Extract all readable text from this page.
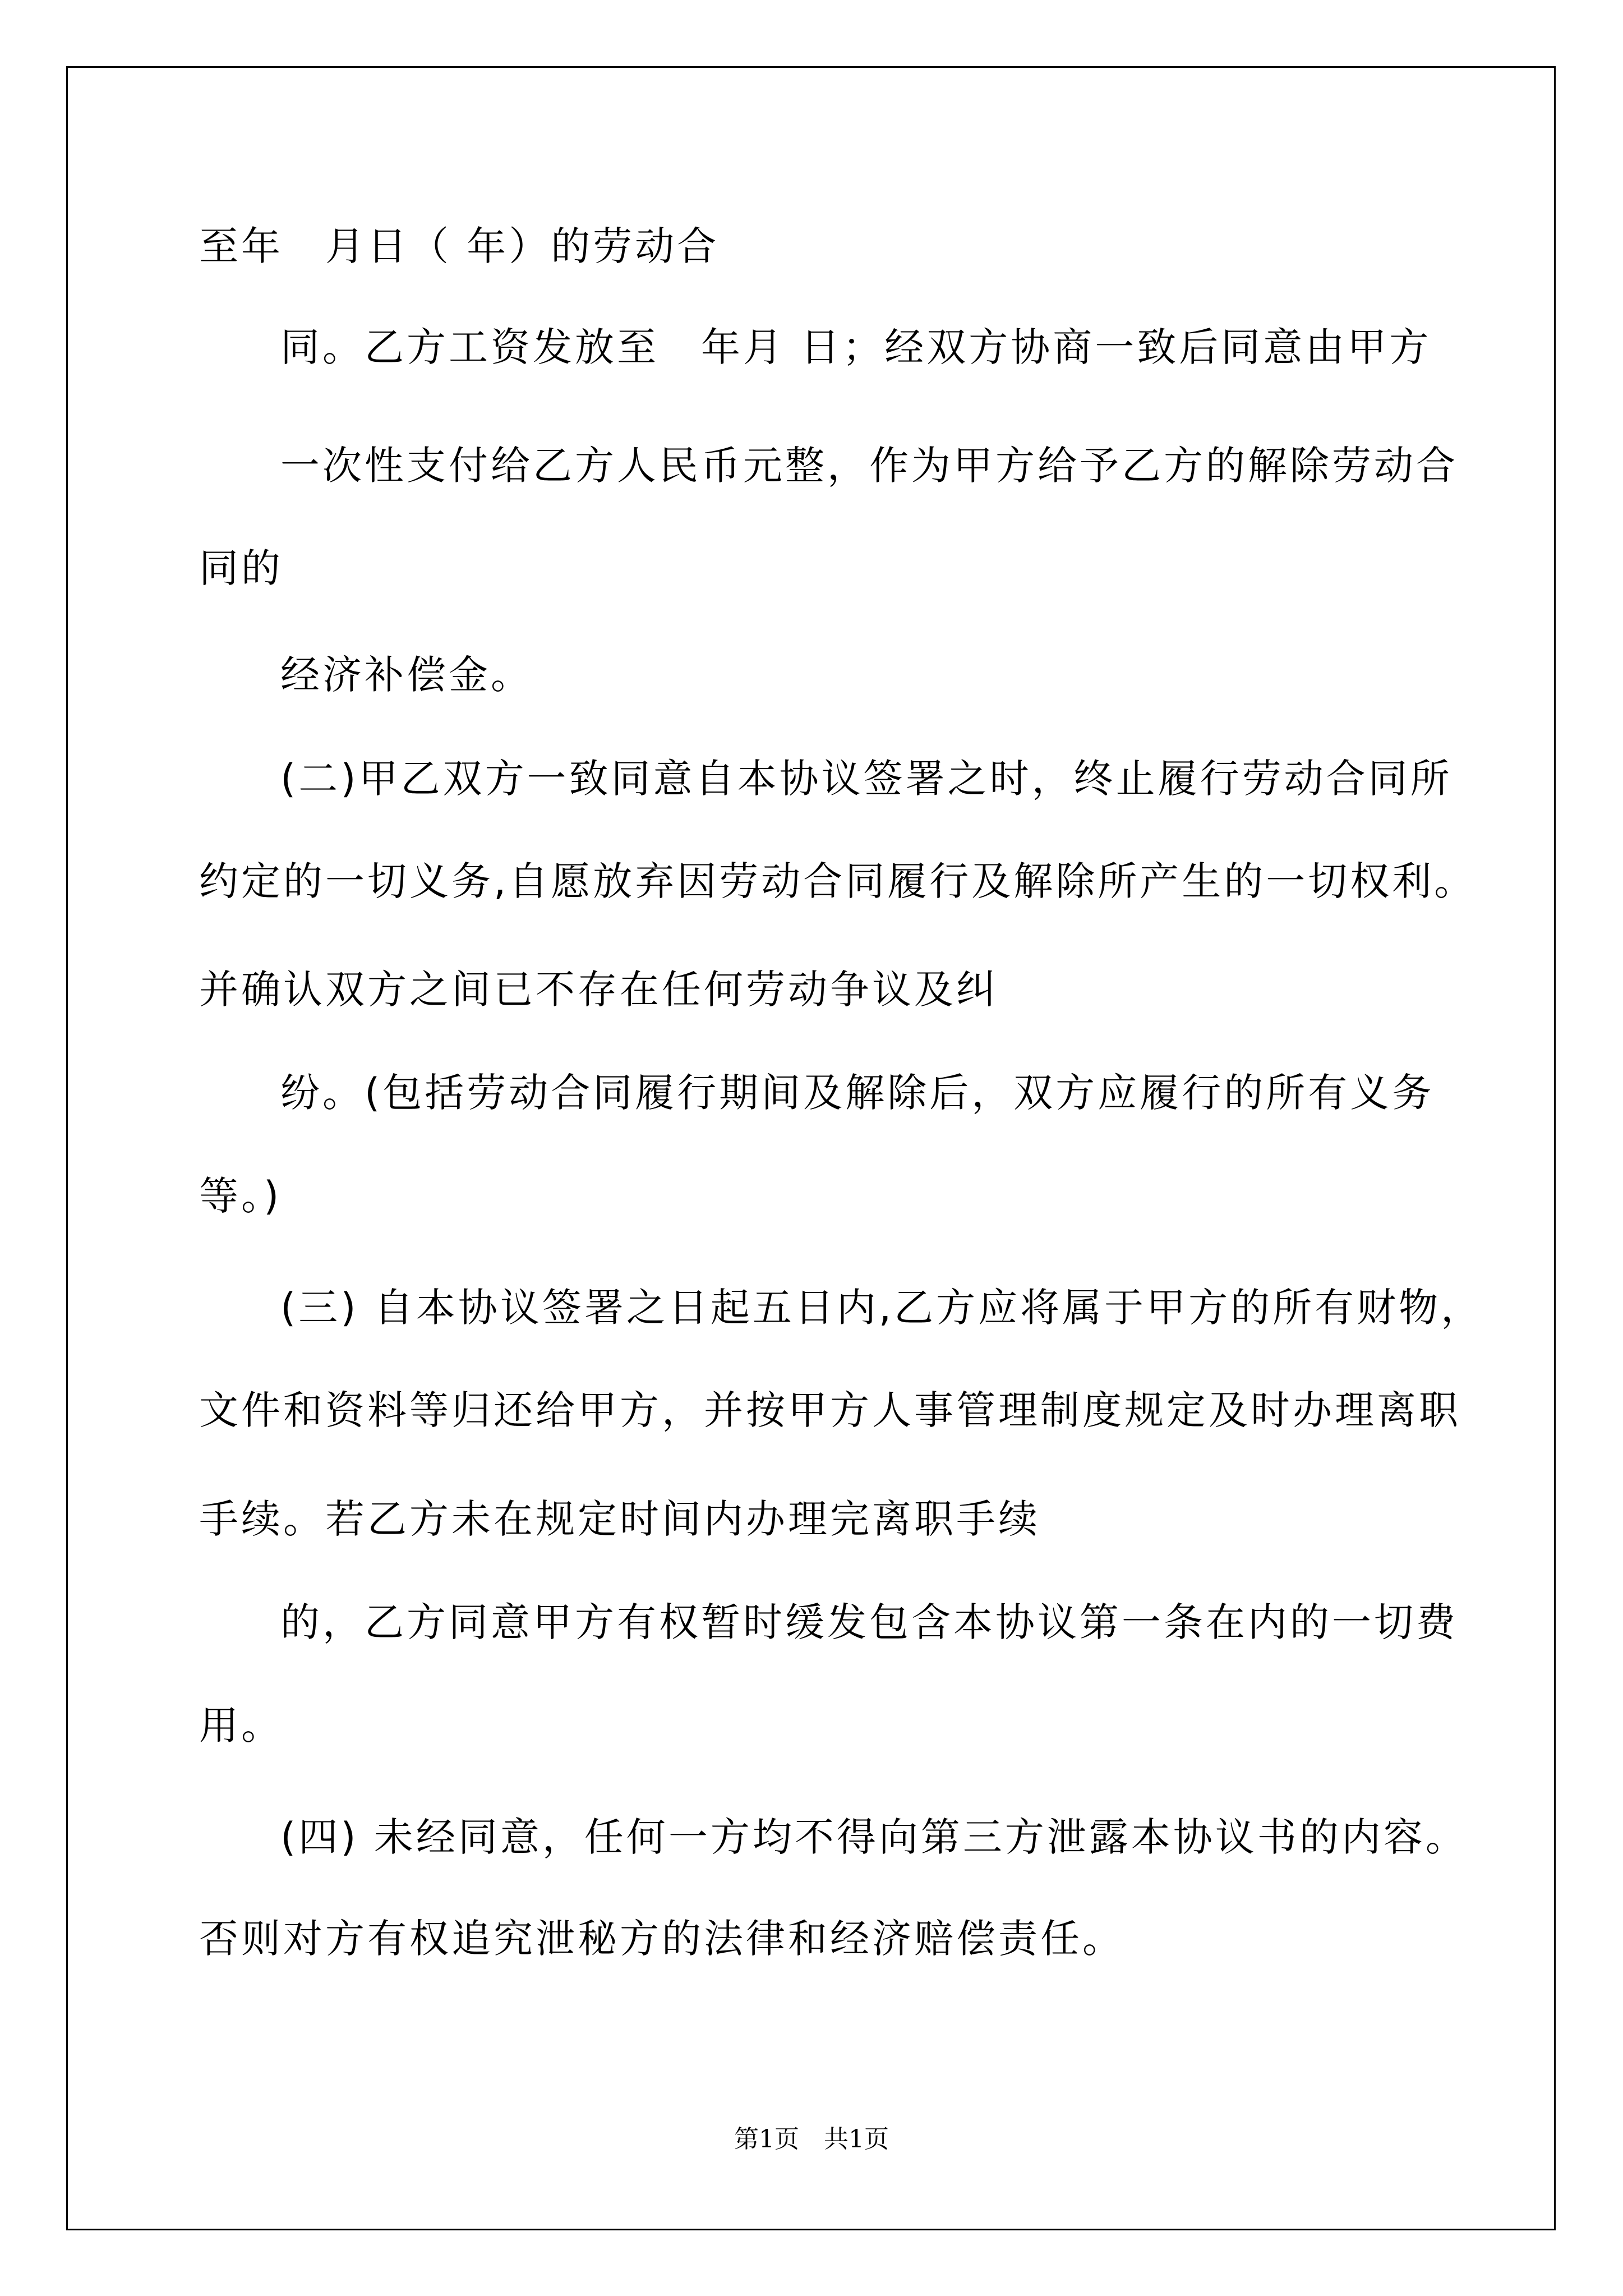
至年　月日（ 年）的劳动合

同。乙方工资发放至　年月 日；经双方协商一致后同意由甲方

一次性支付给乙方人民币元整，作为甲方给予乙方的解除劳动合

同的

经济补偿金。

(二)甲乙双方一致同意自本协议签署之时，终止履行劳动合同所

约定的一切义务,自愿放弃因劳动合同履行及解除所产生的一切权利。

并确认双方之间已不存在任何劳动争议及纠

纷。(包括劳动合同履行期间及解除后，双方应履行的所有义务

等。)

(三) 自本协议签署之日起五日内,乙方应将属于甲方的所有财物，

文件和资料等归还给甲方，并按甲方人事管理制度规定及时办理离职

手续。若乙方未在规定时间内办理完离职手续

的，乙方同意甲方有权暂时缓发包含本协议第一条在内的一切费

用。

(四) 未经同意，任何一方均不得向第三方泄露本协议书的内容。

否则对方有权追究泄秘方的法律和经济赔偿责任。

第1页　共1页
